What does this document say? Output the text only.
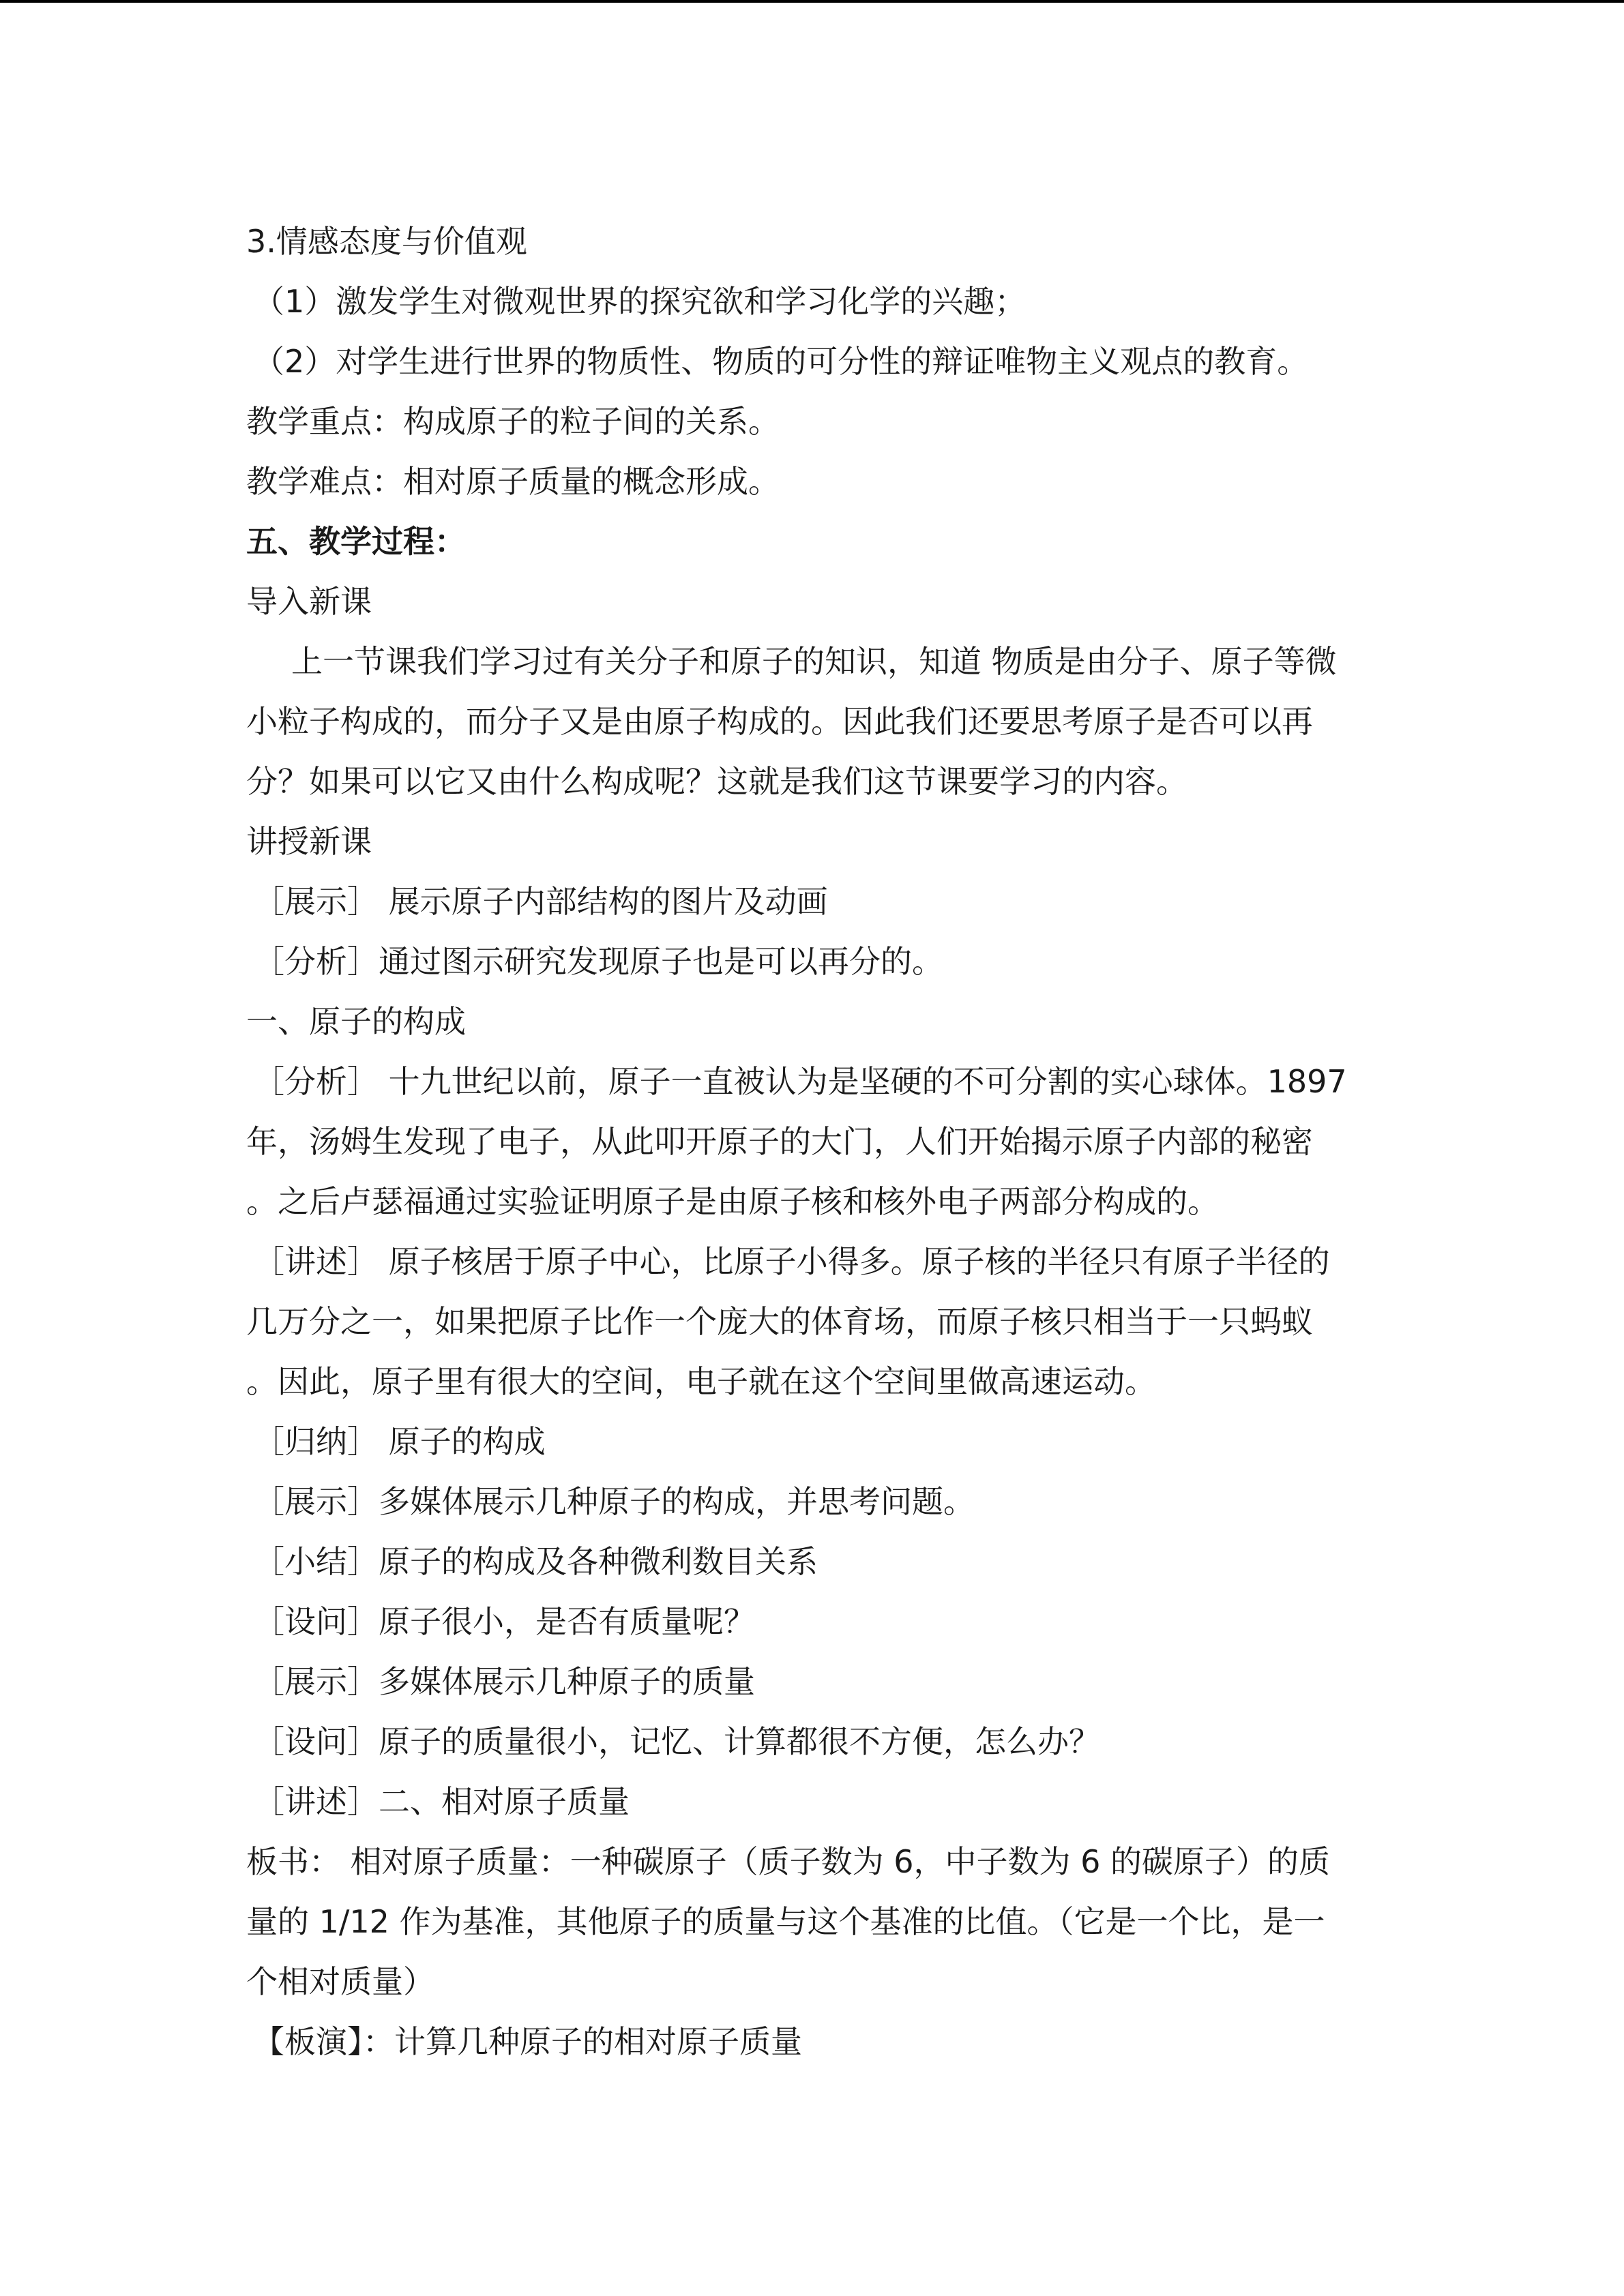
3.情感态度与价值观
（1）激发学生对微观世界的探究欲和学习化学的兴趣；
（2）对学生进行世界的物质性、物质的可分性的辩证唯物主义观点的教育。
教学重点：构成原子的粒子间的关系。
教学难点：相对原子质量的概念形成。
五、教学过程：
导入新课
上一节课我们学习过有关分子和原子的知识，知道 物质是由分子、原子等微
小粒子构成的，而分子又是由原子构成的。因此我们还要思考原子是否可以再
分？如果可以它又由什么构成呢？这就是我们这节课要学习的内容。
讲授新课
［展示］ 展示原子内部结构的图片及动画
［分析］通过图示研究发现原子也是可以再分的。
一、原子的构成
［分析］ 十九世纪以前，原子一直被认为是坚硬的不可分割的实心球体。1897
年，汤姆生发现了电子，从此叩开原子的大门，人们开始揭示原子内部的秘密
。之后卢瑟福通过实验证明原子是由原子核和核外电子两部分构成的。
［讲述］ 原子核居于原子中心，比原子小得多。原子核的半径只有原子半径的
几万分之一，如果把原子比作一个庞大的体育场，而原子核只相当于一只蚂蚁
。因此，原子里有很大的空间，电子就在这个空间里做高速运动。
［归纳］ 原子的构成
［展示］多媒体展示几种原子的构成，并思考问题。
［小结］原子的构成及各种微利数目关系
［设问］原子很小，是否有质量呢？
［展示］多媒体展示几种原子的质量
［设问］原子的质量很小，记忆、计算都很不方便，怎么办？
［讲述］二、相对原子质量
板书： 相对原子质量：一种碳原子（质子数为 6，中子数为 6 的碳原子）的质
量的 1/12 作为基准，其他原子的质量与这个基准的比值。（它是一个比，是一
个相对质量）
【板演】：计算几种原子的相对原子质量
